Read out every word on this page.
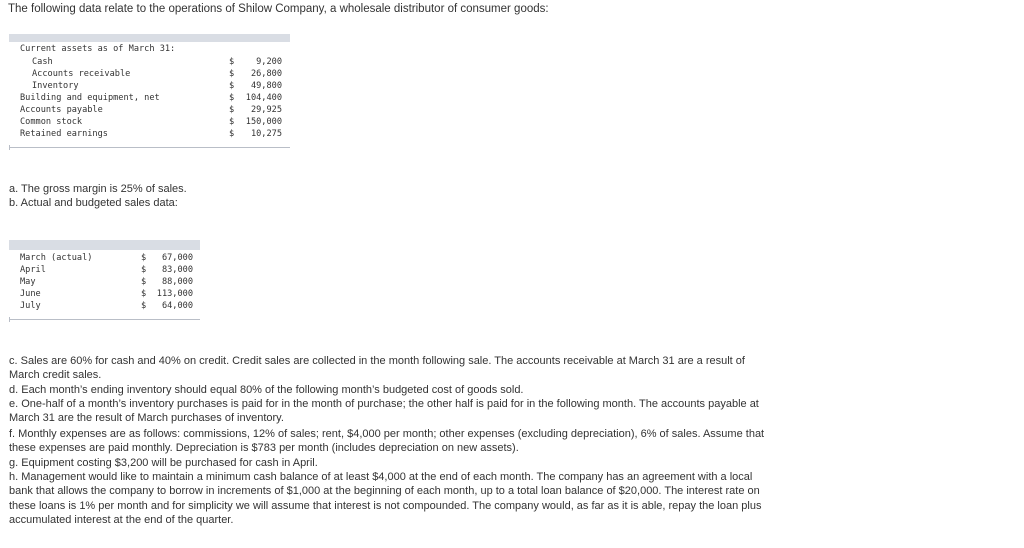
The following data relate to the operations of Shilow Company, a wholesale distributor of consumer goods:
Current assets as of March 31:
Cash	$	9,200
Accounts receivable	$ 26,800
Inventory	$ 49,800
Building and equipment, net	$ 104,400
Accounts payable	$ 29,925
Common stock	$ 150,000
Retained earnings	$ 10,275
a. The gross margin is 25% of sales.
b. Actual and budgeted sales data:
March (actual)	$ 67,000
April	$ 83,000
May	$ 88,000
June	$ 113,000
July	$ 64,000
c. Sales are 60% for cash and 40% on credit. Credit sales are collected in the month following sale. The accounts receivable at March 31 are a result of March credit sales.
d. Each month’s ending inventory should equal 80% of the following month’s budgeted cost of goods sold.
e. One-half of a month’s inventory purchases is paid for in the month of purchase; the other half is paid for in the following month. The accounts payable at March 31 are the result of March purchases of inventory.
f. Monthly expenses are as follows: commissions, 12% of sales; rent, $4,000 per month; other expenses (excluding depreciation), 6% of sales. Assume that these expenses are paid monthly. Depreciation is $783 per month (includes depreciation on new assets).
g. Equipment costing $3,200 will be purchased for cash in April.
h. Management would like to maintain a minimum cash balance of at least $4,000 at the end of each month. The company has an agreement with a local bank that allows the company to borrow in increments of $1,000 at the beginning of each month, up to a total loan balance of $20,000. The interest rate on these loans is 1% per month and for simplicity we will assume that interest is not compounded. The company would, as far as it is able, repay the loan plus accumulated interest at the end of the quarter.
